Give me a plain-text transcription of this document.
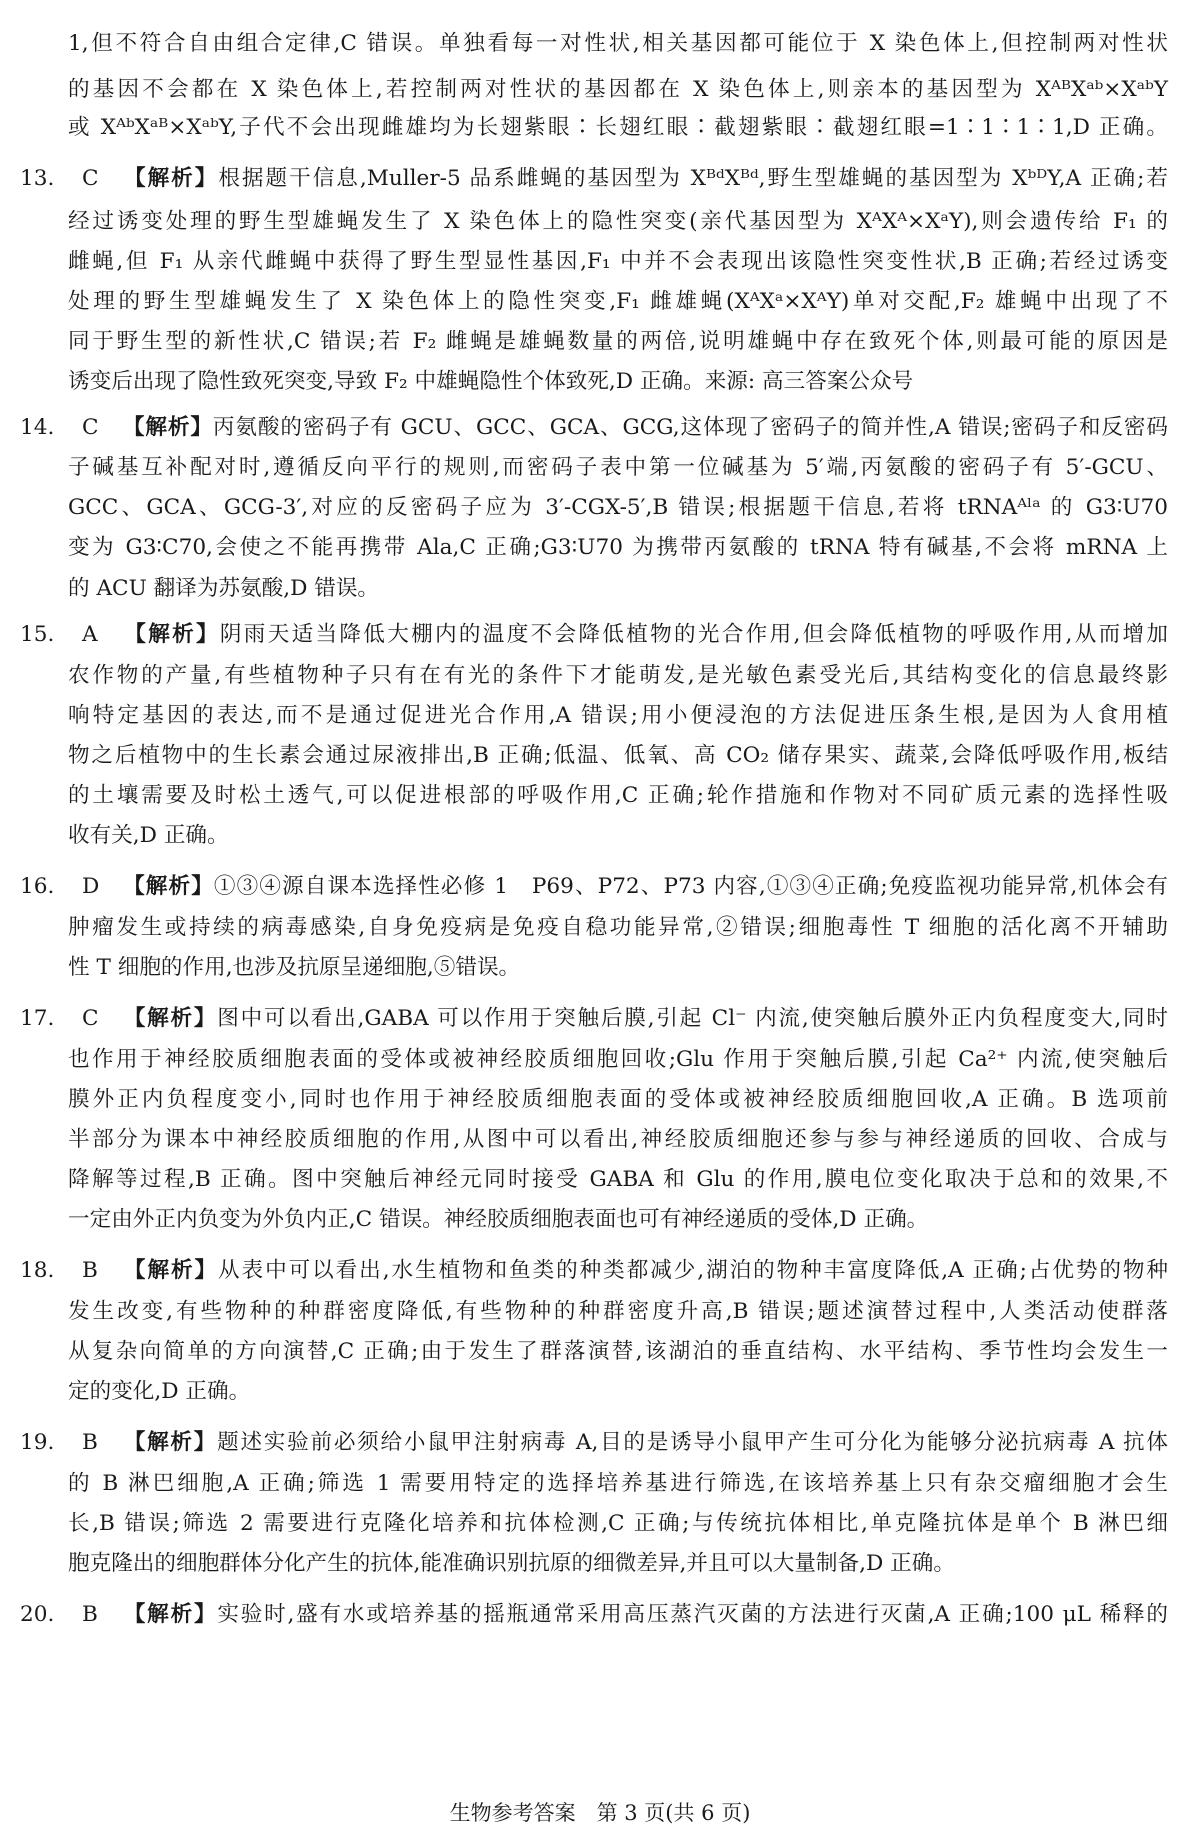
1,但不符合自由组合定律,C 错误。单独看每一对性状,相关基因都可能位于 X 染色体上,但控制两对性状
的基因不会都在 X 染色体上,若控制两对性状的基因都在 X 染色体上,则亲本的基因型为 XᴬᴮXᵃᵇ×XᵃᵇY
或 XᴬᵇXᵃᴮ×XᵃᵇY,子代不会出现雌雄均为长翅紫眼∶长翅红眼∶截翅紫眼∶截翅红眼=1∶1∶1∶1,D 正确。
13. C 【解析】根据题干信息,Muller-5 品系雌蝇的基因型为 XᴮᵈXᴮᵈ,野生型雄蝇的基因型为 XᵇᴰY,A 正确;若
经过诱变处理的野生型雄蝇发生了 X 染色体上的隐性突变(亲代基因型为 XᴬXᴬ×XᵃY),则会遗传给 F₁ 的
雌蝇,但 F₁ 从亲代雌蝇中获得了野生型显性基因,F₁ 中并不会表现出该隐性突变性状,B 正确;若经过诱变
处理的野生型雄蝇发生了 X 染色体上的隐性突变,F₁ 雌雄蝇(XᴬXᵃ×XᴬY)单对交配,F₂ 雄蝇中出现了不
同于野生型的新性状,C 错误;若 F₂ 雌蝇是雄蝇数量的两倍,说明雄蝇中存在致死个体,则最可能的原因是
诱变后出现了隐性致死突变,导致 F₂ 中雄蝇隐性个体致死,D 正确。来源: 高三答案公众号
14. C 【解析】丙氨酸的密码子有 GCU、GCC、GCA、GCG,这体现了密码子的简并性,A 错误;密码子和反密码
子碱基互补配对时,遵循反向平行的规则,而密码子表中第一位碱基为 5′端,丙氨酸的密码子有 5′-GCU、
GCC、GCA、GCG-3′,对应的反密码子应为 3′-CGX-5′,B 错误;根据题干信息,若将 tRNAᴬˡᵃ 的 G3∶U70
变为 G3∶C70,会使之不能再携带 Ala,C 正确;G3∶U70 为携带丙氨酸的 tRNA 特有碱基,不会将 mRNA 上
的 ACU 翻译为苏氨酸,D 错误。
15. A 【解析】阴雨天适当降低大棚内的温度不会降低植物的光合作用,但会降低植物的呼吸作用,从而增加
农作物的产量,有些植物种子只有在有光的条件下才能萌发,是光敏色素受光后,其结构变化的信息最终影
响特定基因的表达,而不是通过促进光合作用,A 错误;用小便浸泡的方法促进压条生根,是因为人食用植
物之后植物中的生长素会通过尿液排出,B 正确;低温、低氧、高 CO₂ 储存果实、蔬菜,会降低呼吸作用,板结
的土壤需要及时松土透气,可以促进根部的呼吸作用,C 正确;轮作措施和作物对不同矿质元素的选择性吸
收有关,D 正确。
16. D 【解析】①③④源自课本选择性必修 1　P69、P72、P73 内容,①③④正确;免疫监视功能异常,机体会有
肿瘤发生或持续的病毒感染,自身免疫病是免疫自稳功能异常,②错误;细胞毒性 T 细胞的活化离不开辅助
性 T 细胞的作用,也涉及抗原呈递细胞,⑤错误。
17. C 【解析】图中可以看出,GABA 可以作用于突触后膜,引起 Cl⁻ 内流,使突触后膜外正内负程度变大,同时
也作用于神经胶质细胞表面的受体或被神经胶质细胞回收;Glu 作用于突触后膜,引起 Ca²⁺ 内流,使突触后
膜外正内负程度变小,同时也作用于神经胶质细胞表面的受体或被神经胶质细胞回收,A 正确。B 选项前
半部分为课本中神经胶质细胞的作用,从图中可以看出,神经胶质细胞还参与参与神经递质的回收、合成与
降解等过程,B 正确。图中突触后神经元同时接受 GABA 和 Glu 的作用,膜电位变化取决于总和的效果,不
一定由外正内负变为外负内正,C 错误。神经胶质细胞表面也可有神经递质的受体,D 正确。
18. B 【解析】从表中可以看出,水生植物和鱼类的种类都减少,湖泊的物种丰富度降低,A 正确;占优势的物种
发生改变,有些物种的种群密度降低,有些物种的种群密度升高,B 错误;题述演替过程中,人类活动使群落
从复杂向简单的方向演替,C 正确;由于发生了群落演替,该湖泊的垂直结构、水平结构、季节性均会发生一
定的变化,D 正确。
19. B 【解析】题述实验前必须给小鼠甲注射病毒 A,目的是诱导小鼠甲产生可分化为能够分泌抗病毒 A 抗体
的 B 淋巴细胞,A 正确;筛选 1 需要用特定的选择培养基进行筛选,在该培养基上只有杂交瘤细胞才会生
长,B 错误;筛选 2 需要进行克隆化培养和抗体检测,C 正确;与传统抗体相比,单克隆抗体是单个 B 淋巴细
胞克隆出的细胞群体分化产生的抗体,能准确识别抗原的细微差异,并且可以大量制备,D 正确。
20. B 【解析】实验时,盛有水或培养基的摇瓶通常采用高压蒸汽灭菌的方法进行灭菌,A 正确;100 μL 稀释的
生物参考答案　第 3 页(共 6 页)
